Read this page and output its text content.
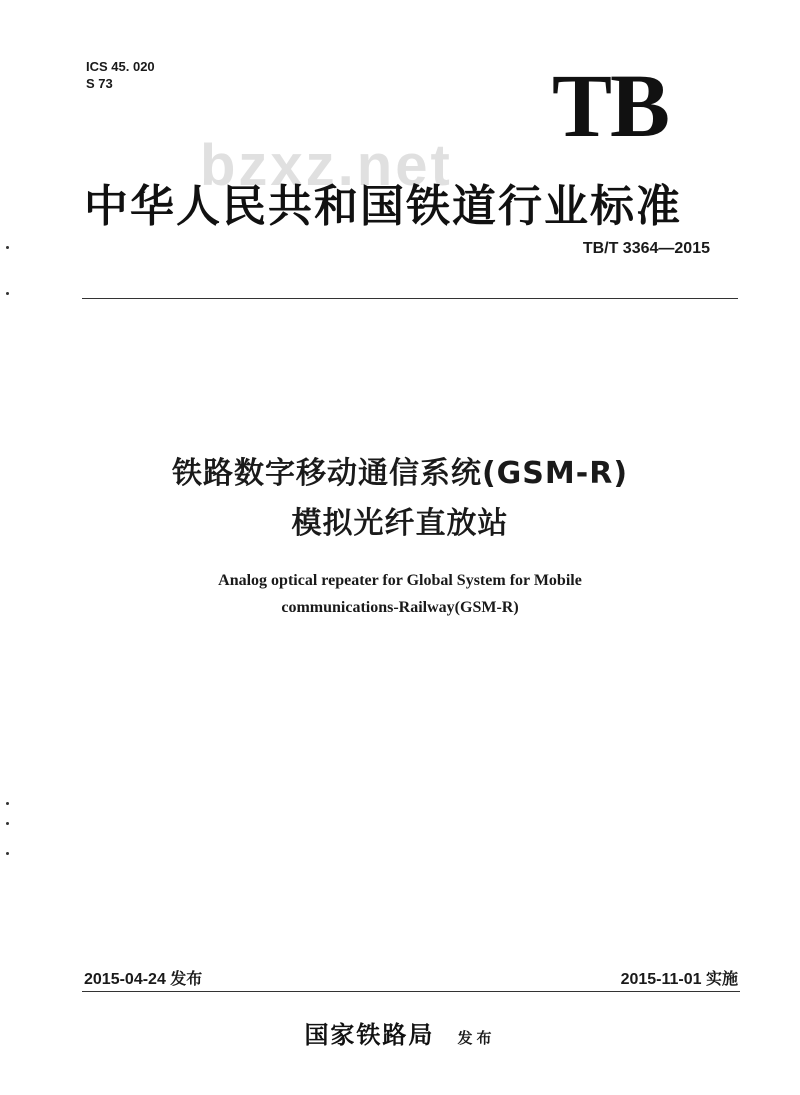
ICS 45. 020
S 73	TB
bzxz.net
中华人民共和国铁道行业标准
TB/T 3364—2015
铁路数字移动通信系统(GSM-R)
模拟光纤直放站
Analog optical repeater for Global System for Mobile
communications-Railway(GSM-R)
2015-04-24 发布	2015-11-01 实施
国家铁路局 发布
